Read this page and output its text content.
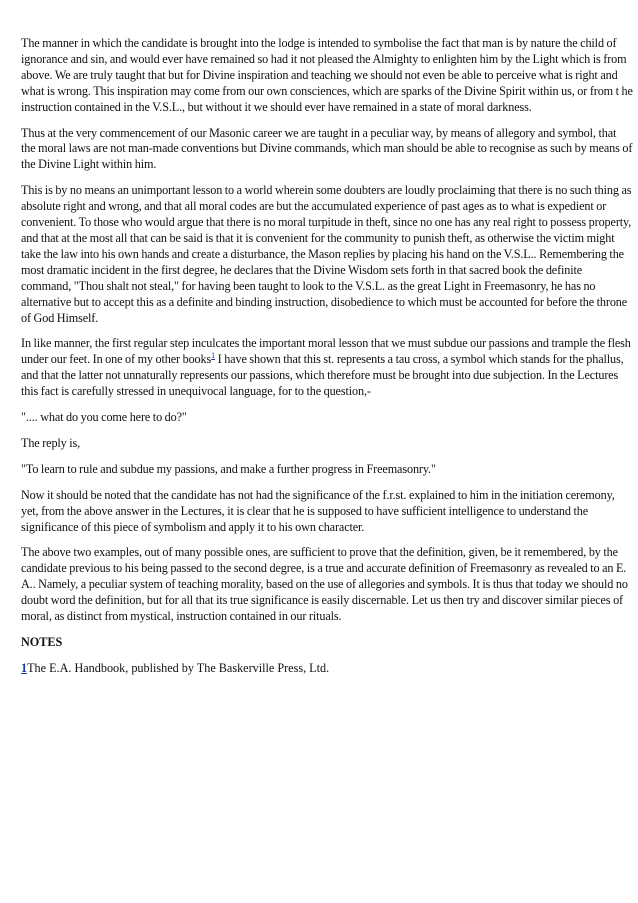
The manner in which the candidate is brought into the lodge is intended to symbolise the fact that man is by nature the child of ignorance and sin, and would ever have remained so had it not pleased the Almighty to enlighten him by the Light which is from above. We are truly taught that but for Divine inspiration and teaching we should not even be able to perceive what is right and what is wrong. This inspiration may come from our own consciences, which are sparks of the Divine Spirit within us, or from t he instruction contained in the V.S.L., but without it we should ever have remained in a state of moral darkness.

Thus at the very commencement of our Masonic career we are taught in a peculiar way, by means of allegory and symbol, that the moral laws are not man-made conventions but Divine commands, which man should be able to recognise as such by means of the Divine Light within him.

This is by no means an unimportant lesson to a world wherein some doubters are loudly proclaiming that there is no such thing as absolute right and wrong, and that all moral codes are but the accumulated experience of past ages as to what is expedient or convenient. To those who would argue that there is no moral turpitude in theft, since no one has any real right to possess property, and that at the most all that can be said is that it is convenient for the community to punish theft, as otherwise the victim might take the law into his own hands and create a disturbance, the Mason replies by placing his hand on the V.S.L.. Remembering the most dramatic incident in the first degree, he declares that the Divine Wisdom sets forth in that sacred book the definite command, "Thou shalt not steal," for having been taught to look to the V.S.L. as the great Light in Freemasonry, he has no alternative but to accept this as a definite and binding instruction, disobedience to which must be accounted for before the throne of God Himself.

In like manner, the first regular step inculcates the important moral lesson that we must subdue our passions and trample the flesh under our feet. In one of my other books$^1$ I have shown that this st. represents a tau cross, a symbol which stands for the phallus, and that the latter not unnaturally represents our passions, which therefore must be brought into due subjection. In the Lectures this fact is carefully stressed in unequivocal language, for to the question,-

".... what do you come here to do?"

The reply is,

"To learn to rule and subdue my passions, and make a further progress in Freemasonry."

Now it should be noted that the candidate has not had the significance of the f.r.st. explained to him in the initiation ceremony, yet, from the above answer in the Lectures, it is clear that he is supposed to have sufficient intelligence to understand the significance of this piece of symbolism and apply it to his own character.

The above two examples, out of many possible ones, are sufficient to prove that the definition, given, be it remembered, by the candidate previous to his being passed to the second degree, is a true and accurate definition of Freemasonry as revealed to an E. A.. Namely, a peculiar system of teaching morality, based on the use of allegories and symbols. It is thus that today we should no doubt word the definition, but for all that its true significance is easily discernable. Let us then try and discover similar pieces of moral, as distinct from mystical, instruction contained in our rituals.

NOTES

1The E.A. Handbook, published by The Baskerville Press, Ltd.
